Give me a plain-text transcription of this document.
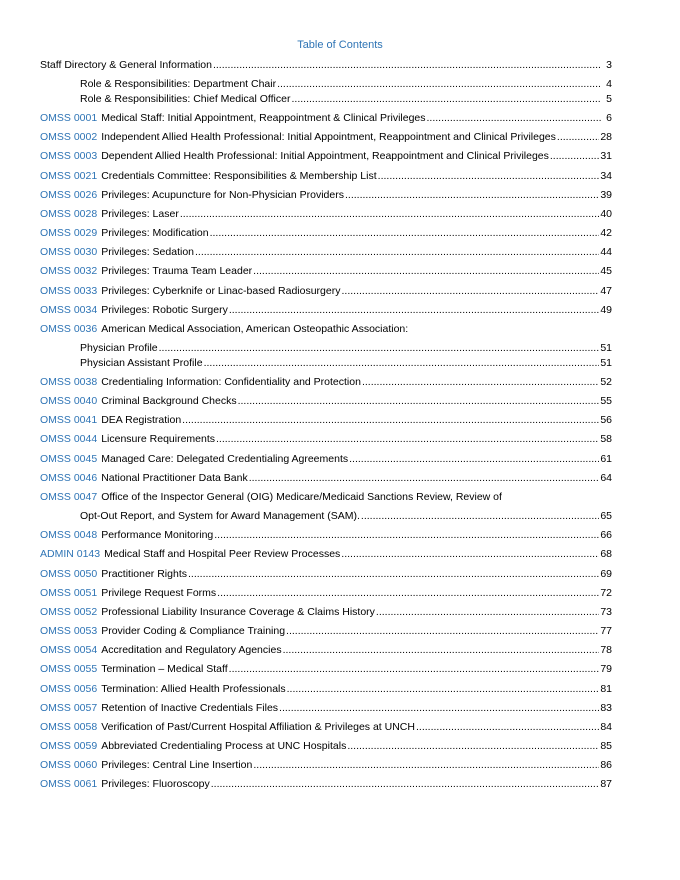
Table of Contents
Staff Directory & General Information .....	3
Role & Responsibilities: Department Chair .....	4
Role & Responsibilities: Chief Medical Officer .....	5
OMSS 0001 Medical Staff: Initial Appointment, Reappointment & Clinical Privileges .....	6
OMSS 0002 Independent Allied Health Professional: Initial Appointment, Reappointment and Clinical Privileges .....	28
OMSS 0003 Dependent Allied Health Professional: Initial Appointment, Reappointment and Clinical Privileges .....	31
OMSS 0021 Credentials Committee: Responsibilities & Membership List .....	34
OMSS 0026 Privileges: Acupuncture for Non-Physician Providers .....	39
OMSS 0028 Privileges: Laser .....	40
OMSS 0029 Privileges: Modification .....	42
OMSS 0030 Privileges: Sedation .....	44
OMSS 0032 Privileges: Trauma Team Leader .....	45
OMSS 0033 Privileges: Cyberknife or Linac-based Radiosurgery .....	47
OMSS 0034 Privileges: Robotic Surgery .....	49
OMSS 0036 American Medical Association, American Osteopathic Association:
Physician Profile .....	51
Physician Assistant Profile .....	51
OMSS 0038 Credentialing Information: Confidentiality and Protection .....	52
OMSS 0040 Criminal Background Checks .....	55
OMSS 0041 DEA Registration .....	56
OMSS 0044 Licensure Requirements .....	58
OMSS 0045 Managed Care: Delegated Credentialing Agreements .....	61
OMSS 0046 National Practitioner Data Bank .....	64
OMSS 0047 Office of the Inspector General (OIG) Medicare/Medicaid Sanctions Review, Review of
Opt-Out Report, and System for Award Management (SAM). .....	65
OMSS 0048 Performance Monitoring .....	66
ADMIN 0143 Medical Staff and Hospital Peer Review Processes .....	68
OMSS 0050 Practitioner Rights .....	69
OMSS 0051 Privilege Request Forms .....	72
OMSS 0052 Professional Liability Insurance Coverage & Claims History .....	73
OMSS 0053 Provider Coding & Compliance Training .....	77
OMSS 0054 Accreditation and Regulatory Agencies .....	78
OMSS 0055 Termination – Medical Staff .....	79
OMSS 0056 Termination: Allied Health Professionals .....	81
OMSS 0057 Retention of Inactive Credentials Files .....	83
OMSS 0058 Verification of Past/Current Hospital Affiliation & Privileges at UNCH .....	84
OMSS 0059 Abbreviated Credentialing Process at UNC Hospitals .....	85
OMSS 0060 Privileges: Central Line Insertion .....	86
OMSS 0061 Privileges: Fluoroscopy .....	87
